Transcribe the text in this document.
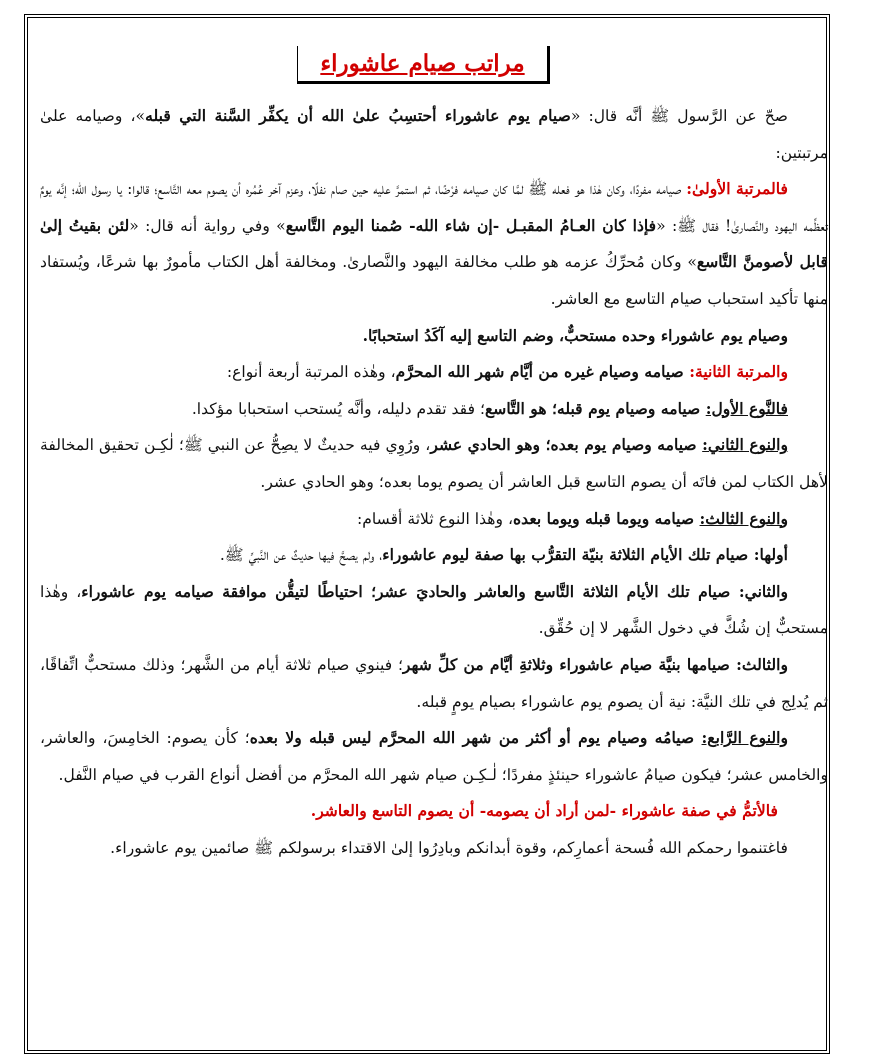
مراتب صيام عاشوراء

صحّ عن الرَّسول ﷺ أنَّه قال: «صيام يوم عاشوراء أحتسِبُ علىٰ الله أن يكفِّر السَّنة التي قبله»، وصيامه علىٰ مرتبتين:

فالمرتبة الأولىٰ: صيامه مفردًا، وكان هٰذا هو فعله ﷺ لمَّا كان صيامه فرْضًا، ثم استمرَّ عليه حين صام نفلًا، وعزم آخر عُمُره أن يصوم معه التَّاسع؛ قالوا: يا رسول الله؛ إنَّه يومٌ تعظِّمه اليهود والنَّصارىٰ! فقال ﷺ: «فإذا كان العـامُ المقبـل -إن شاء الله- صُمنا اليوم التَّاسع» وفي رواية أنه قال: «لئن بقيتُ إلىٰ قابل لأصومنَّ التَّاسع» وكان مُحرِّكُ عزمه هو طلب مخالفة اليهود والنَّصارىٰ. ومخالفة أهل الكتاب مأمورٌ بها شرعًا، ويُستفاد منها تأكيد استحباب صيام التاسع مع العاشر.

وصيام يوم عاشوراء وحده مستحبٌّ، وضم التاسع إليه آكَدُ استحبابًا.

والمرتبة الثانية: صيامه وصيام غيره من أيَّام شهر الله المحرَّم، وهٰذه المرتبة أربعة أنواع:

فالنَّوع الأول: صيامه وصيام يوم قبله؛ هو التَّاسع؛ فقد تقدم دليله، وأنَّه يُستحب استحبابا مؤكدا.

والنوع الثاني: صيامه وصيام يوم بعده؛ وهو الحادي عشر، ورُوِي فيه حديثٌ لا يصِحُّ عن النبي ﷺ؛ لٰكِـن تحقيق المخالفة لأهل الكتاب لمن فاتَه أن يصوم التاسع قبل العاشر أن يصوم يوما بعده؛ وهو الحادي عشر.

والنوع الثالث: صيامه ويوما قبله ويوما بعده، وهٰذا النوع ثلاثة أقسام:

أولها: صيام تلك الأيام الثلاثة بنيّة التقرُّب بها صفة ليوم عاشوراء، ولم يصحَّ فيها حديثٌ عن النَّبيِّ ﷺ.

والثاني: صيام تلك الأيام الثلاثة التَّاسع والعاشر والحاديَ عشر؛ احتياطًا لتيقُّن موافقة صيامه يوم عاشوراء، وهٰذا مستحبٌّ إن شُكَّ في دخول الشَّهر لا إن حُقِّق.

والثالث: صيامها بنيَّة صيام عاشوراء وثلاثةِ أيَّام من كلِّ شهر؛ فينوي صيام ثلاثة أيام من الشَّهر؛ وذلك مستحبٌّ اتِّفاقًا، ثم يُدلِج في تلك النيَّة: نية أن يصوم يوم عاشوراء بصيام يومٍ قبله.

والنوع الرَّابع: صيامُه وصيام يوم أو أكثر من شهر الله المحرَّم ليس قبله ولا بعده؛ كأن يصوم: الخامِسَ، والعاشر، والخامس عشر؛ فيكون صيامُ عاشوراء حينئذٍ مفردًا؛ لٰـكِـن صيام شهر الله المحرَّم من أفضل أنواع القرب في صيام النَّفل.

فالأتمُّ في صفة عاشوراء -لمن أراد أن يصومه- أن يصوم التاسع والعاشر.

فاغتنموا رحمكم الله فُسحة أعمارِكم، وقوة أبدانكم وبادِرُوا إلىٰ الاقتداء برسولكم ﷺ صائمين يوم عاشوراء.
